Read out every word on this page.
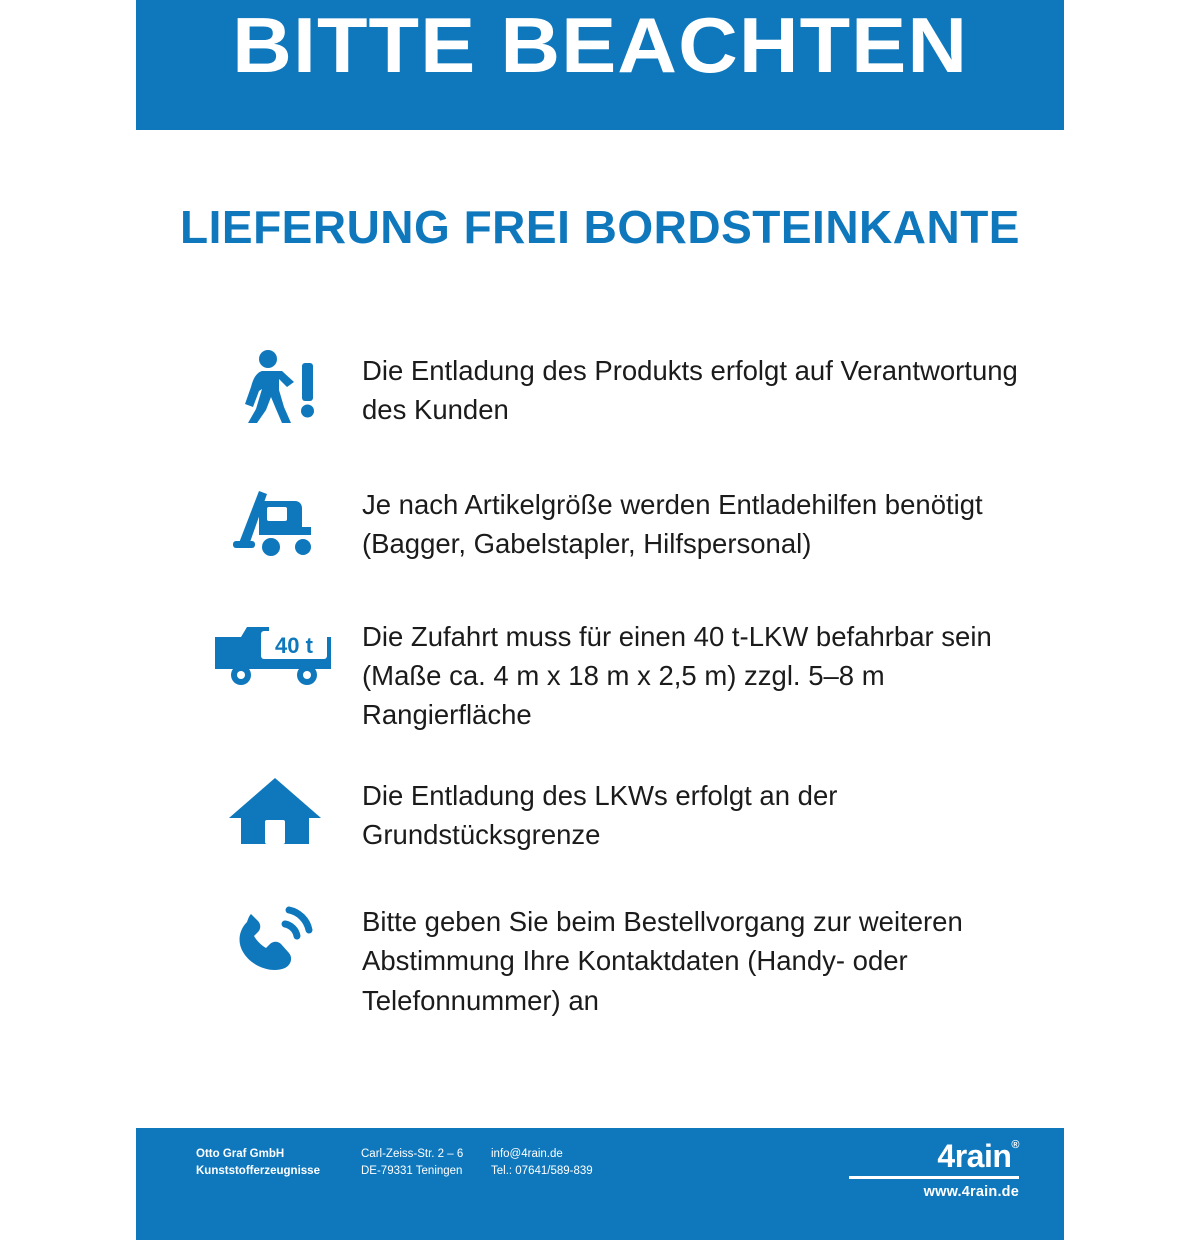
BITTE BEACHTEN
LIEFERUNG FREI BORDSTEINKANTE
Die Entladung des Produkts erfolgt auf Verantwortung des Kunden
Je nach Artikelgröße werden Entladehilfen benötigt (Bagger, Gabelstapler, Hilfspersonal)
40 t	Die Zufahrt muss für einen 40 t-LKW befahrbar sein (Maße ca. 4 m x 18 m x 2,5 m) zzgl. 5–8 m Rangierfläche
Die Entladung des LKWs erfolgt an der Grundstücksgrenze
Bitte geben Sie beim Bestellvorgang zur weiteren Abstimmung Ihre Kontaktdaten (Handy- oder Telefonnummer) an
Otto Graf GmbH
Kunststofferzeugnisse
Carl-Zeiss-Str. 2 – 6
DE-79331 Teningen
info@4rain.de
Tel.: 07641/589-839	4rain®
www.4rain.de
